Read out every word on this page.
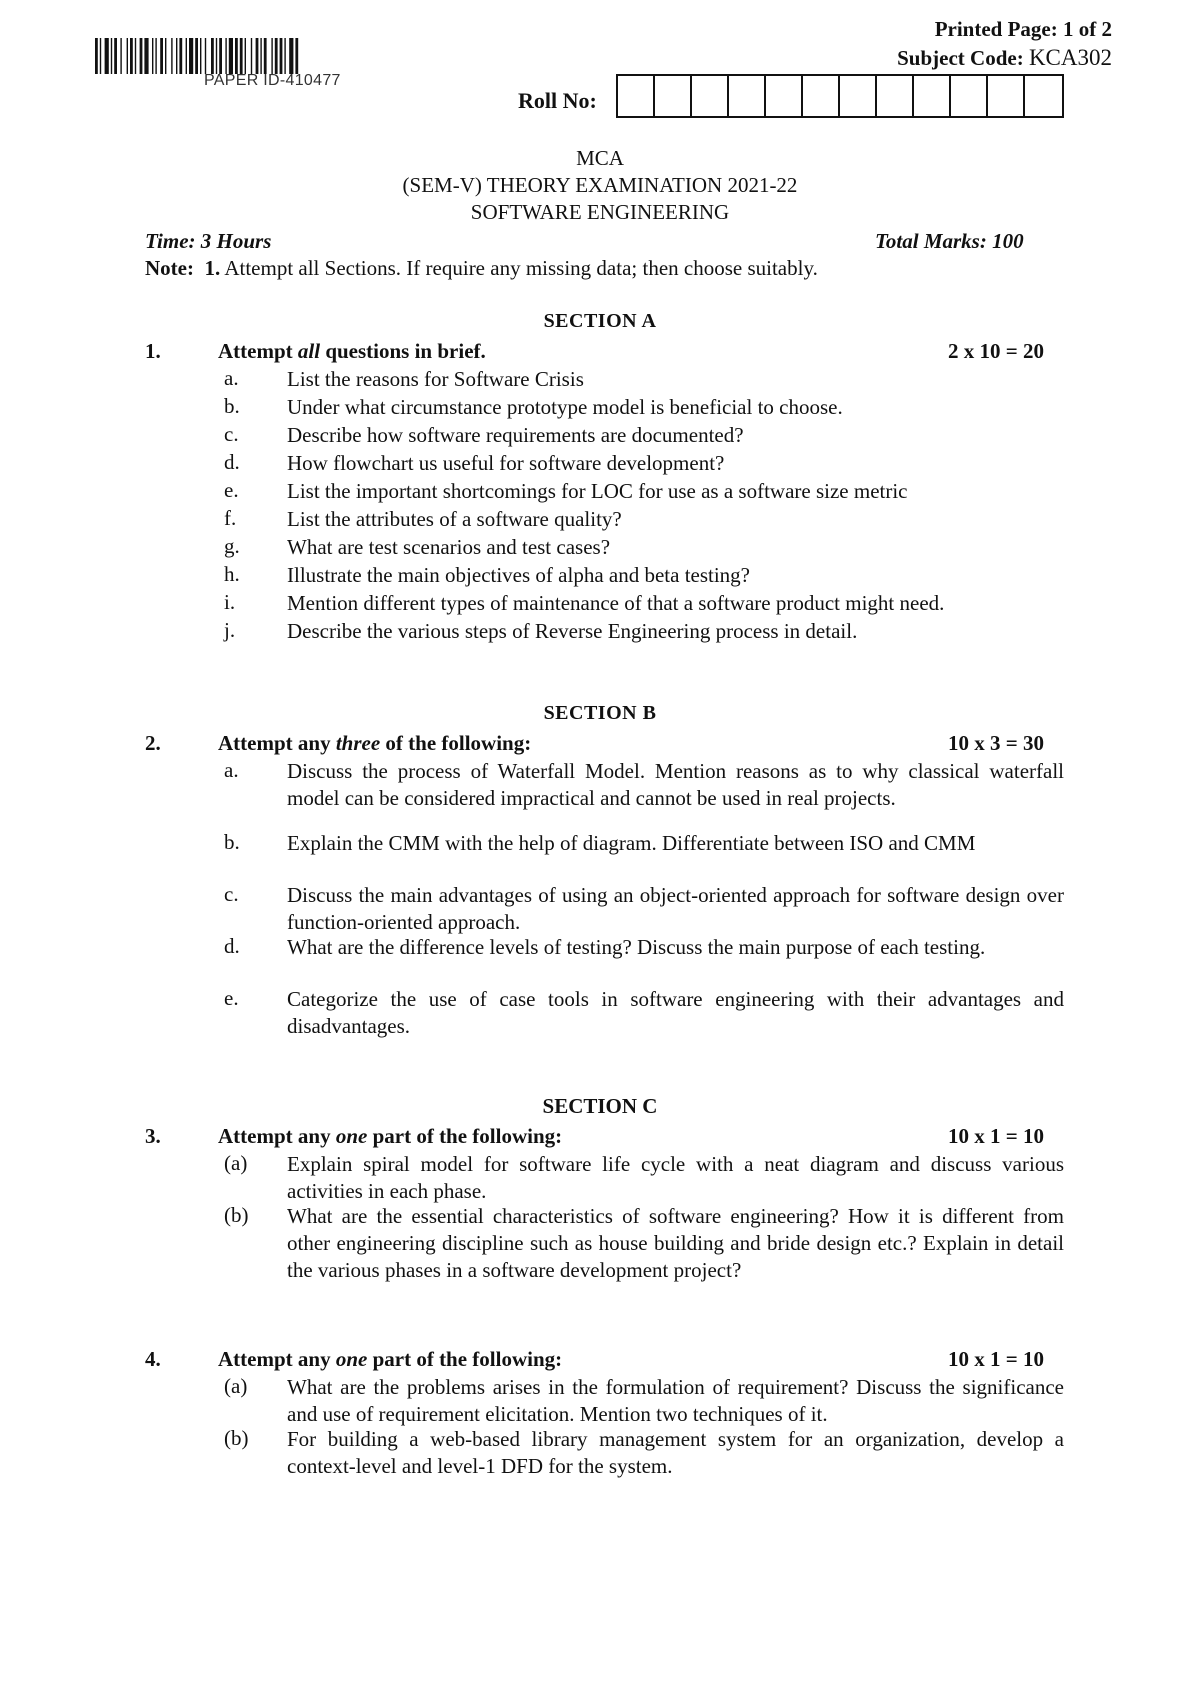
PAPER ID-410477
Printed Page: 1 of 2
Subject Code: KCA302
Roll No:
MCA
(SEM-V) THEORY EXAMINATION 2021-22
SOFTWARE ENGINEERING
Time: 3 Hours	Total Marks: 100
Note: 1. Attempt all Sections. If require any missing data; then choose suitably.
SECTION A
1.	Attempt all questions in brief.	2 x 10 = 20
a. List the reasons for Software Crisis
b. Under what circumstance prototype model is beneficial to choose.
c. Describe how software requirements are documented?
d. How flowchart us useful for software development?
e. List the important shortcomings for LOC for use as a software size metric
f. List the attributes of a software quality?
g. What are test scenarios and test cases?
h. Illustrate the main objectives of alpha and beta testing?
i. Mention different types of maintenance of that a software product might need.
j. Describe the various steps of Reverse Engineering process in detail.
SECTION B
2.	Attempt any three of the following:	10 x 3 = 30
a. Discuss the process of Waterfall Model. Mention reasons as to why classical waterfall model can be considered impractical and cannot be used in real projects.
b. Explain the CMM with the help of diagram. Differentiate between ISO and CMM
c. Discuss the main advantages of using an object-oriented approach for software design over function-oriented approach.
d. What are the difference levels of testing? Discuss the main purpose of each testing.
e. Categorize the use of case tools in software engineering with their advantages and disadvantages.
SECTION C
3.	Attempt any one part of the following:	10 x 1 = 10
(a) Explain spiral model for software life cycle with a neat diagram and discuss various activities in each phase.
(b) What are the essential characteristics of software engineering? How it is different from other engineering discipline such as house building and bride design etc.? Explain in detail the various phases in a software development project?
4.	Attempt any one part of the following:	10 x 1 = 10
(a) What are the problems arises in the formulation of requirement? Discuss the significance and use of requirement elicitation. Mention two techniques of it.
(b) For building a web-based library management system for an organization, develop a context-level and level-1 DFD for the system.
